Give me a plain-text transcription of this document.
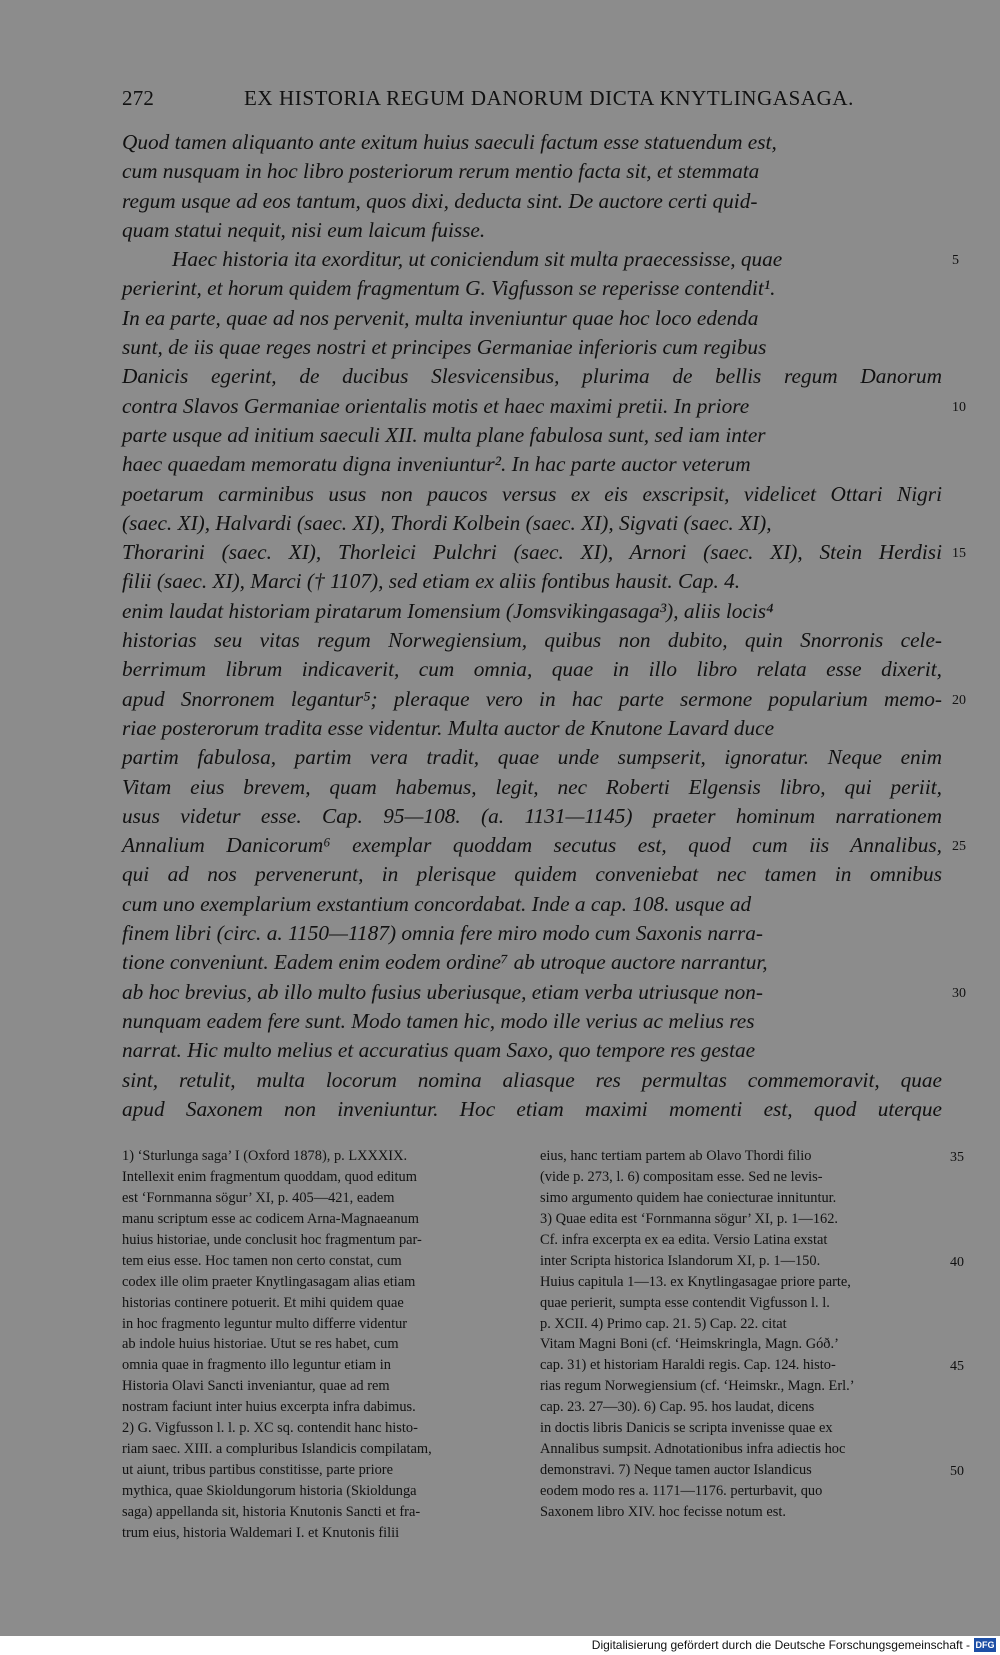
272	EX HISTORIA REGUM DANORUM DICTA KNYTLINGASAGA.
Quod tamen aliquanto ante exitum huius saeculi factum esse statuendum est,
cum nusquam in hoc libro posteriorum rerum mentio facta sit, et stemmata
regum usque ad eos tantum, quos dixi, deducta sint. De auctore certi quid-
quam statui nequit, nisi eum laicum fuisse.
Haec historia ita exorditur, ut coniciendum sit multa praecessisse, quae	5
perierint, et horum quidem fragmentum G. Vigfusson se reperisse contendit¹.
In ea parte, quae ad nos pervenit, multa inveniuntur quae hoc loco edenda
sunt, de iis quae reges nostri et principes Germaniae inferioris cum regibus
Danicis egerint, de ducibus Slesvicensibus, plurima de bellis regum Danorum
contra Slavos Germaniae orientalis motis et haec maximi pretii. In priore	10
parte usque ad initium saeculi XII. multa plane fabulosa sunt, sed iam inter
haec quaedam memoratu digna inveniuntur². In hac parte auctor veterum
poetarum carminibus usus non paucos versus ex eis exscripsit, videlicet Ottari Nigri
(saec. XI), Halvardi (saec. XI), Thordi Kolbein (saec. XI), Sigvati (saec. XI),
Thorarini (saec. XI), Thorleici Pulchri (saec. XI), Arnori (saec. XI), Stein Herdisi 15
filii (saec. XI), Marci († 1107), sed etiam ex aliis fontibus hausit. Cap. 4.
enim laudat historiam piratarum Iomensium (Jomsvikingasaga³), aliis locis⁴
historias seu vitas regum Norwegiensium, quibus non dubito, quin Snorronis cele-
berrimum librum indicaverit, cum omnia, quae in illo libro relata esse dixerit,
apud Snorronem legantur⁵; pleraque vero in hac parte sermone popularium memo- 20
riae posterorum tradita esse videntur. Multa auctor de Knutone Lavard duce
partim fabulosa, partim vera tradit, quae unde sumpserit, ignoratur. Neque enim
Vitam eius brevem, quam habemus, legit, nec Roberti Elgensis libro, qui periit,
usus videtur esse. Cap. 95—108. (a. 1131—1145) praeter hominum narrationem
Annalium Danicorum⁶ exemplar quoddam secutus est, quod cum iis Annalibus, 25
qui ad nos pervenerunt, in plerisque quidem conveniebat nec tamen in omnibus
cum uno exemplarium exstantium concordabat. Inde a cap. 108. usque ad
finem libri (circ. a. 1150—1187) omnia fere miro modo cum Saxonis narra-
tione conveniunt. Eadem enim eodem ordine⁷ ab utroque auctore narrantur,
ab hoc brevius, ab illo multo fusius uberiusque, etiam verba utriusque non-	30
nunquam eadem fere sunt. Modo tamen hic, modo ille verius ac melius res
narrat. Hic multo melius et accuratius quam Saxo, quo tempore res gestae
sint, retulit, multa locorum nomina aliasque res permultas commemoravit, quae
apud Saxonem non inveniuntur. Hoc etiam maximi momenti est, quod uterque
1) ‘Sturlunga saga’ I (Oxford 1878), p. LXXXIX.
Intellexit enim fragmentum quoddam, quod editum
est ‘Fornmanna sögur’ XI, p. 405—421, eadem
manu scriptum esse ac codicem Arna-Magnaeanum
huius historiae, unde conclusit hoc fragmentum par-
tem eius esse. Hoc tamen non certo constat, cum
codex ille olim praeter Knytlingasagam alias etiam
historias continere potuerit. Et mihi quidem quae
in hoc fragmento leguntur multo differre videntur
ab indole huius historiae. Utut se res habet, cum
omnia quae in fragmento illo leguntur etiam in
Historia Olavi Sancti inveniantur, quae ad rem
nostram faciunt inter huius excerpta infra dabimus.
2) G. Vigfusson l. l. p. XC sq. contendit hanc histo-
riam saec. XIII. a compluribus Islandicis compilatam,
ut aiunt, tribus partibus constitisse, parte priore
mythica, quae Skioldungorum historia (Skioldunga
saga) appellanda sit, historia Knutonis Sancti et fra-
trum eius, historia Waldemari I. et Knutonis filii
eius, hanc tertiam partem ab Olavo Thordi filio	35
(vide p. 273, l. 6) compositam esse. Sed ne levis-
simo argumento quidem hae coniecturae innituntur.
3) Quae edita est ‘Fornmanna sögur’ XI, p. 1—162.
Cf. infra excerpta ex ea edita. Versio Latina exstat
inter Scripta historica Islandorum XI, p. 1—150.	40
Huius capitula 1—13. ex Knytlingasagae priore parte,
quae perierit, sumpta esse contendit Vigfusson l. l.
p. XCII. 4) Primo cap. 21. 5) Cap. 22. citat
Vitam Magni Boni (cf. ‘Heimskringla, Magn. Góð.’
cap. 31) et historiam Haraldi regis. Cap. 124. histo-	45
rias regum Norwegiensium (cf. ‘Heimskr., Magn. Erl.’
cap. 23. 27—30). 6) Cap. 95. hos laudat, dicens
in doctis libris Danicis se scripta invenisse quae ex
Annalibus sumpsit. Adnotationibus infra adiectis hoc
demonstravi. 7) Neque tamen auctor Islandicus	50
eodem modo res a. 1171—1176. perturbavit, quo
Saxonem libro XIV. hoc fecisse notum est.
Digitalisierung gefördert durch die Deutsche Forschungsgemeinschaft - DFG
